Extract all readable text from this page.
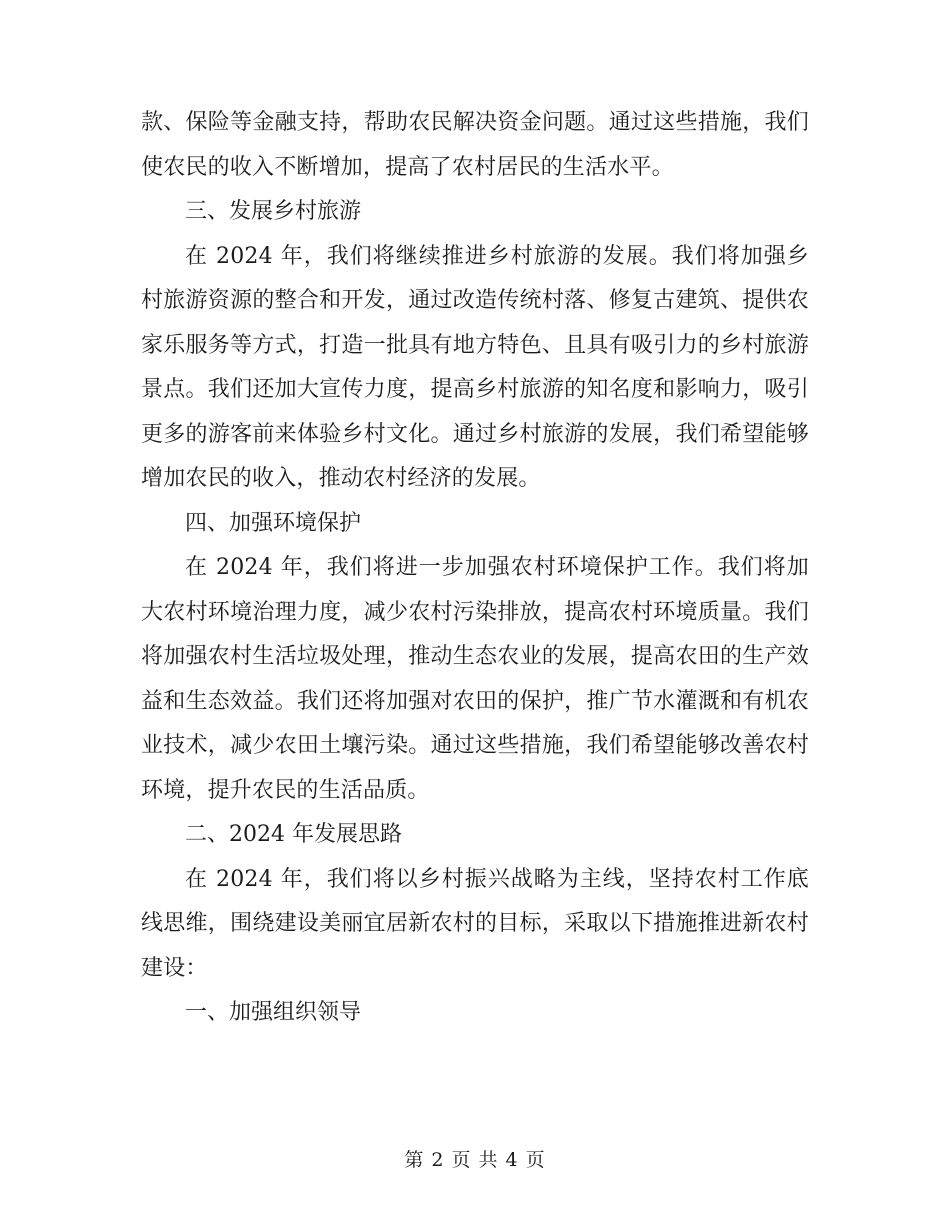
款、保险等金融支持，帮助农民解决资金问题。通过这些措施，我们使农民的收入不断增加，提高了农村居民的生活水平。

三、发展乡村旅游

在 2024 年，我们将继续推进乡村旅游的发展。我们将加强乡村旅游资源的整合和开发，通过改造传统村落、修复古建筑、提供农家乐服务等方式，打造一批具有地方特色、且具有吸引力的乡村旅游景点。我们还加大宣传力度，提高乡村旅游的知名度和影响力，吸引更多的游客前来体验乡村文化。通过乡村旅游的发展，我们希望能够增加农民的收入，推动农村经济的发展。

四、加强环境保护

在 2024 年，我们将进一步加强农村环境保护工作。我们将加大农村环境治理力度，减少农村污染排放，提高农村环境质量。我们将加强农村生活垃圾处理，推动生态农业的发展，提高农田的生产效益和生态效益。我们还将加强对农田的保护，推广节水灌溉和有机农业技术，减少农田土壤污染。通过这些措施，我们希望能够改善农村环境，提升农民的生活品质。

二、2024 年发展思路

在 2024 年，我们将以乡村振兴战略为主线，坚持农村工作底线思维，围绕建设美丽宜居新农村的目标，采取以下措施推进新农村建设：

一、加强组织领导

第 2 页 共 4 页
